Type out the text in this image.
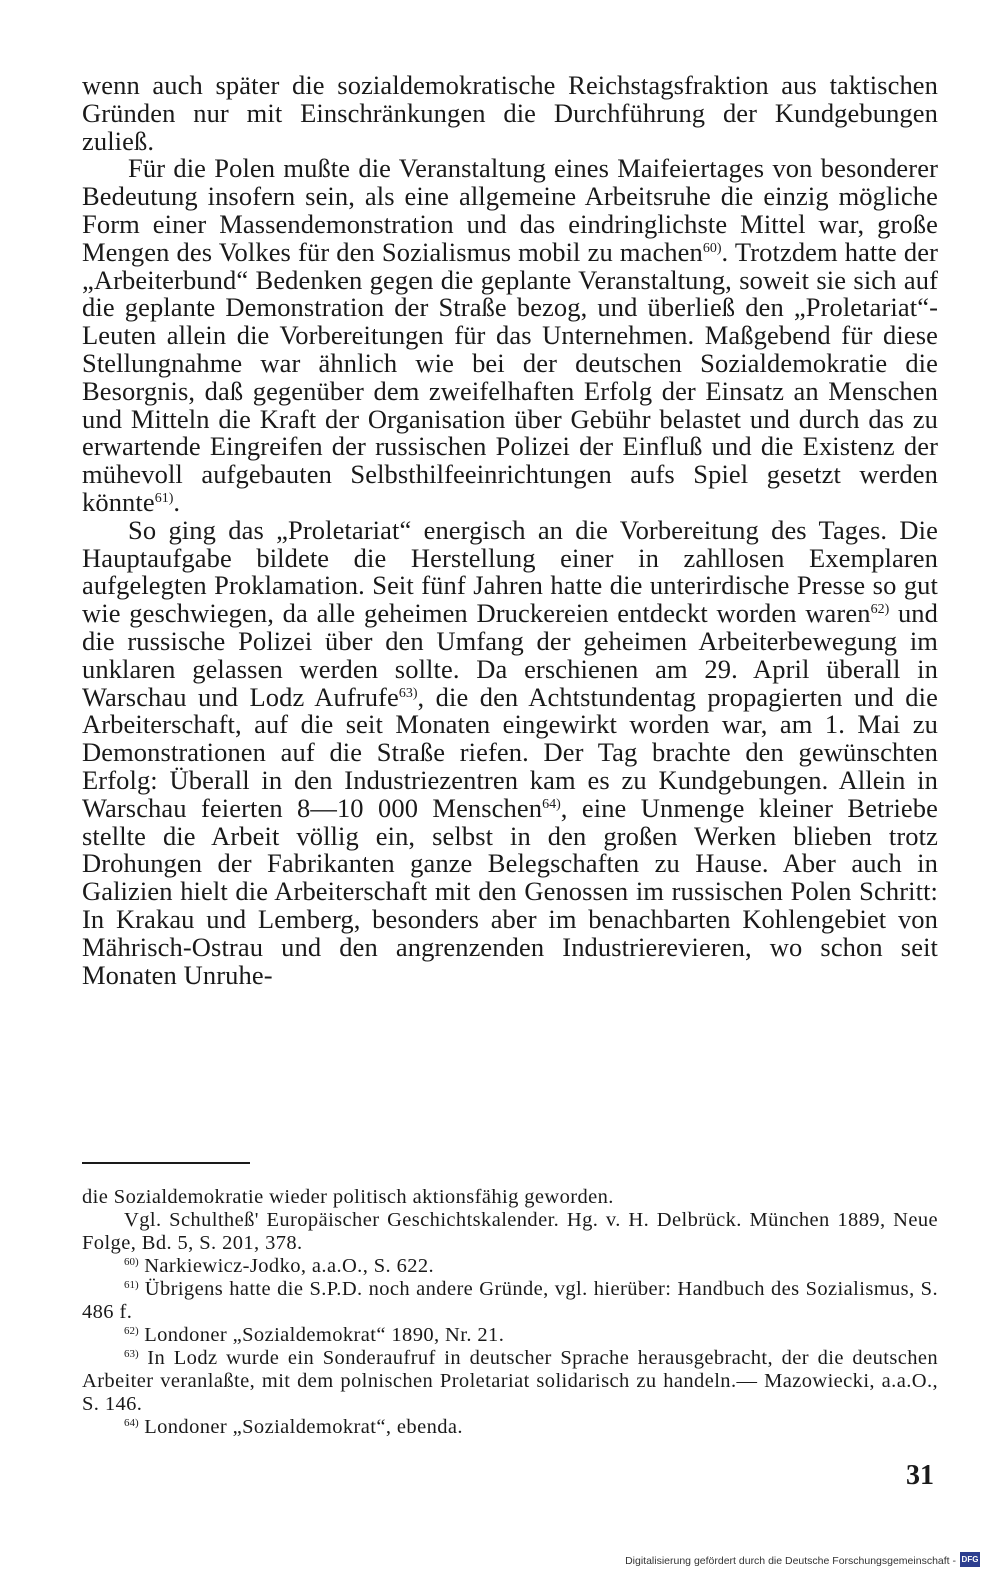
wenn auch später die sozialdemokratische Reichstagsfraktion aus taktischen Gründen nur mit Einschränkungen die Durchführung der Kundgebungen zuließ.

Für die Polen mußte die Veranstaltung eines Maifeiertages von besonderer Bedeutung insofern sein, als eine allgemeine Arbeitsruhe die einzig mögliche Form einer Massendemonstration und das eindringlichste Mittel war, große Mengen des Volkes für den Sozialismus mobil zu machen$^{60)}$. Trotzdem hatte der „Arbeiterbund“ Bedenken gegen die geplante Veranstaltung, soweit sie sich auf die geplante Demonstration der Straße bezog, und überließ den „Proletariat“-Leuten allein die Vorbereitungen für das Unternehmen. Maßgebend für diese Stellungnahme war ähnlich wie bei der deutschen Sozialdemokratie die Besorgnis, daß gegenüber dem zweifelhaften Erfolg der Einsatz an Menschen und Mitteln die Kraft der Organisation über Gebühr belastet und durch das zu erwartende Eingreifen der russischen Polizei der Einfluß und die Existenz der mühevoll aufgebauten Selbsthilfeeinrichtungen aufs Spiel gesetzt werden könnte$^{61)}$.

So ging das „Proletariat“ energisch an die Vorbereitung des Tages. Die Hauptaufgabe bildete die Herstellung einer in zahllosen Exemplaren aufgelegten Proklamation. Seit fünf Jahren hatte die unterirdische Presse so gut wie geschwiegen, da alle geheimen Druckereien entdeckt worden waren$^{62)}$ und die russische Polizei über den Umfang der geheimen Arbeiterbewegung im unklaren gelassen werden sollte. Da erschienen am 29. April überall in Warschau und Lodz Aufrufe$^{63)}$, die den Achtstundentag propagierten und die Arbeiterschaft, auf die seit Monaten eingewirkt worden war, am 1. Mai zu Demonstrationen auf die Straße riefen. Der Tag brachte den gewünschten Erfolg: Überall in den Industriezentren kam es zu Kundgebungen. Allein in Warschau feierten 8—10 000 Menschen$^{64)}$, eine Unmenge kleiner Betriebe stellte die Arbeit völlig ein, selbst in den großen Werken blieben trotz Drohungen der Fabrikanten ganze Belegschaften zu Hause. Aber auch in Galizien hielt die Arbeiterschaft mit den Genossen im russischen Polen Schritt: In Krakau und Lemberg, besonders aber im benachbarten Kohlengebiet von Mährisch-Ostrau und den angrenzenden Industrierevieren, wo schon seit Monaten Unruhe-

die Sozialdemokratie wieder politisch aktionsfähig geworden.

Vgl. Schultheß' Europäischer Geschichtskalender. Hg. v. H. Delbrück. München 1889, Neue Folge, Bd. 5, S. 201, 378.

$^{60)}$ Narkiewicz-Jodko, a.a.O., S. 622.

$^{61)}$ Übrigens hatte die S.P.D. noch andere Gründe, vgl. hierüber: Handbuch des Sozialismus, S. 486 f.

$^{62)}$ Londoner „Sozialdemokrat“ 1890, Nr. 21.

$^{63)}$ In Lodz wurde ein Sonderaufruf in deutscher Sprache herausgebracht, der die deutschen Arbeiter veranlaßte, mit dem polnischen Proletariat solidarisch zu handeln.— Mazowiecki, a.a.O., S. 146.

$^{64)}$ Londoner „Sozialdemokrat“, ebenda.

31
Digitalisierung gefördert durch die Deutsche Forschungsgemeinschaft - DFG
